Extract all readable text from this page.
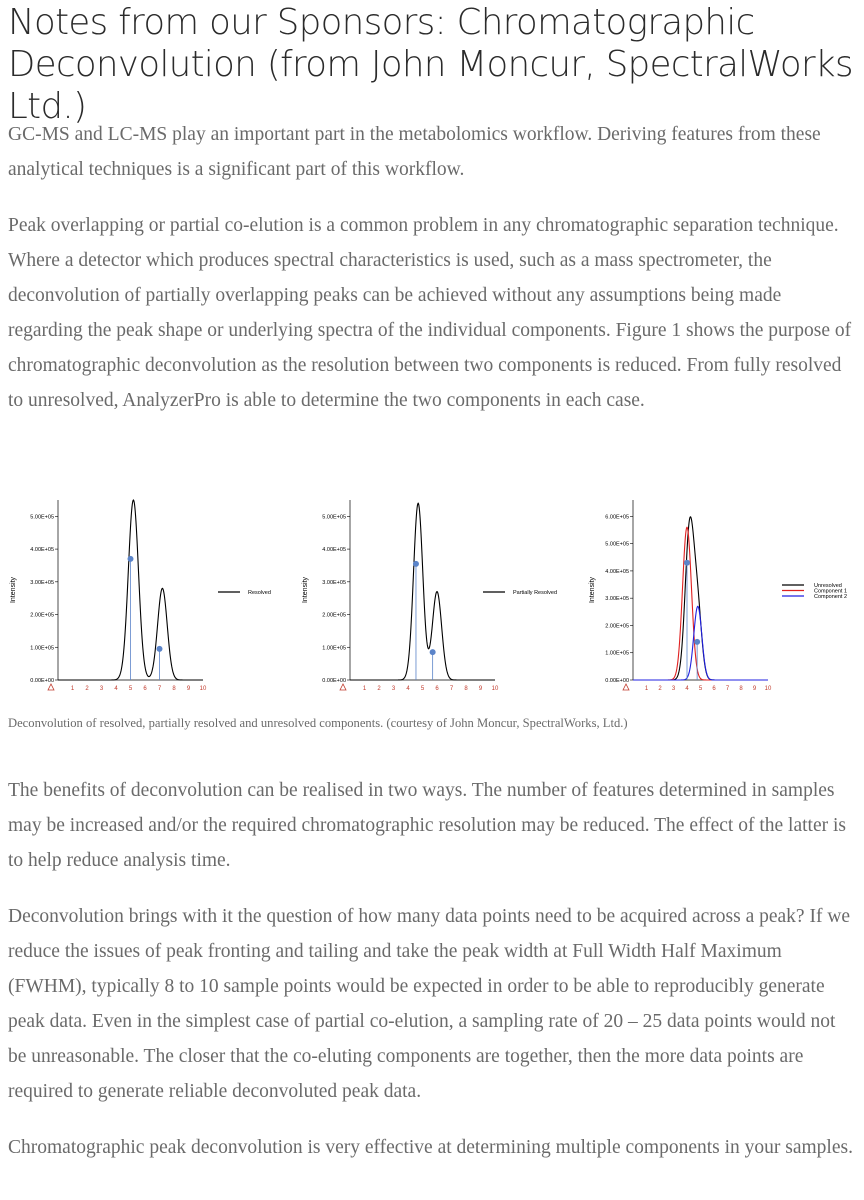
Notes from our Sponsors: Chromatographic Deconvolution (from John Moncur, SpectralWorks Ltd.)

GC-MS and LC-MS play an important part in the metabolomics workflow. Deriving features from these analytical techniques is a significant part of this workflow.

Peak overlapping or partial co-elution is a common problem in any chromatographic separation technique. Where a detector which produces spectral characteristics is used, such as a mass spectrometer, the deconvolution of partially overlapping peaks can be achieved without any assumptions being made regarding the peak shape or underlying spectra of the individual components. Figure 1 shows the purpose of chromatographic deconvolution as the resolution between two components is reduced. From fully resolved to unresolved, AnalyzerPro is able to determine the two components in each case.

Deconvolution of resolved, partially resolved and unresolved components. (courtesy of John Moncur, SpectralWorks, Ltd.)

The benefits of deconvolution can be realised in two ways. The number of features determined in samples may be increased and/or the required chromatographic resolution may be reduced. The effect of the latter is to help reduce analysis time.

Deconvolution brings with it the question of how many data points need to be acquired across a peak? If we reduce the issues of peak fronting and tailing and take the peak width at Full Width Half Maximum (FWHM), typically 8 to 10 sample points would be expected in order to be able to reproducibly generate peak data. Even in the simplest case of partial co-elution, a sampling rate of 20 – 25 data points would not be unreasonable. The closer that the co-eluting components are together, then the more data points are required to generate reliable deconvoluted peak data.

Chromatographic peak deconvolution is very effective at determining multiple components in your samples.

Intensity
0.00E+00
1.00E+05
2.00E+05
3.00E+05
4.00E+05
5.00E+05
1 2 3 4 5 6 7 8 9 10
Resolved	Intensity
0.00E+00
1.00E+05
2.00E+05
3.00E+05
4.00E+05
5.00E+05
1 2 3 4 5 6 7 8 9 10
Partially Resolved	Intensity
0.00E+00
1.00E+05
2.00E+05
3.00E+05
4.00E+05
5.00E+05
6.00E+05
1 2 3 4 5 6 7 8 9 10
Unresolved
Component 1
Component 2
